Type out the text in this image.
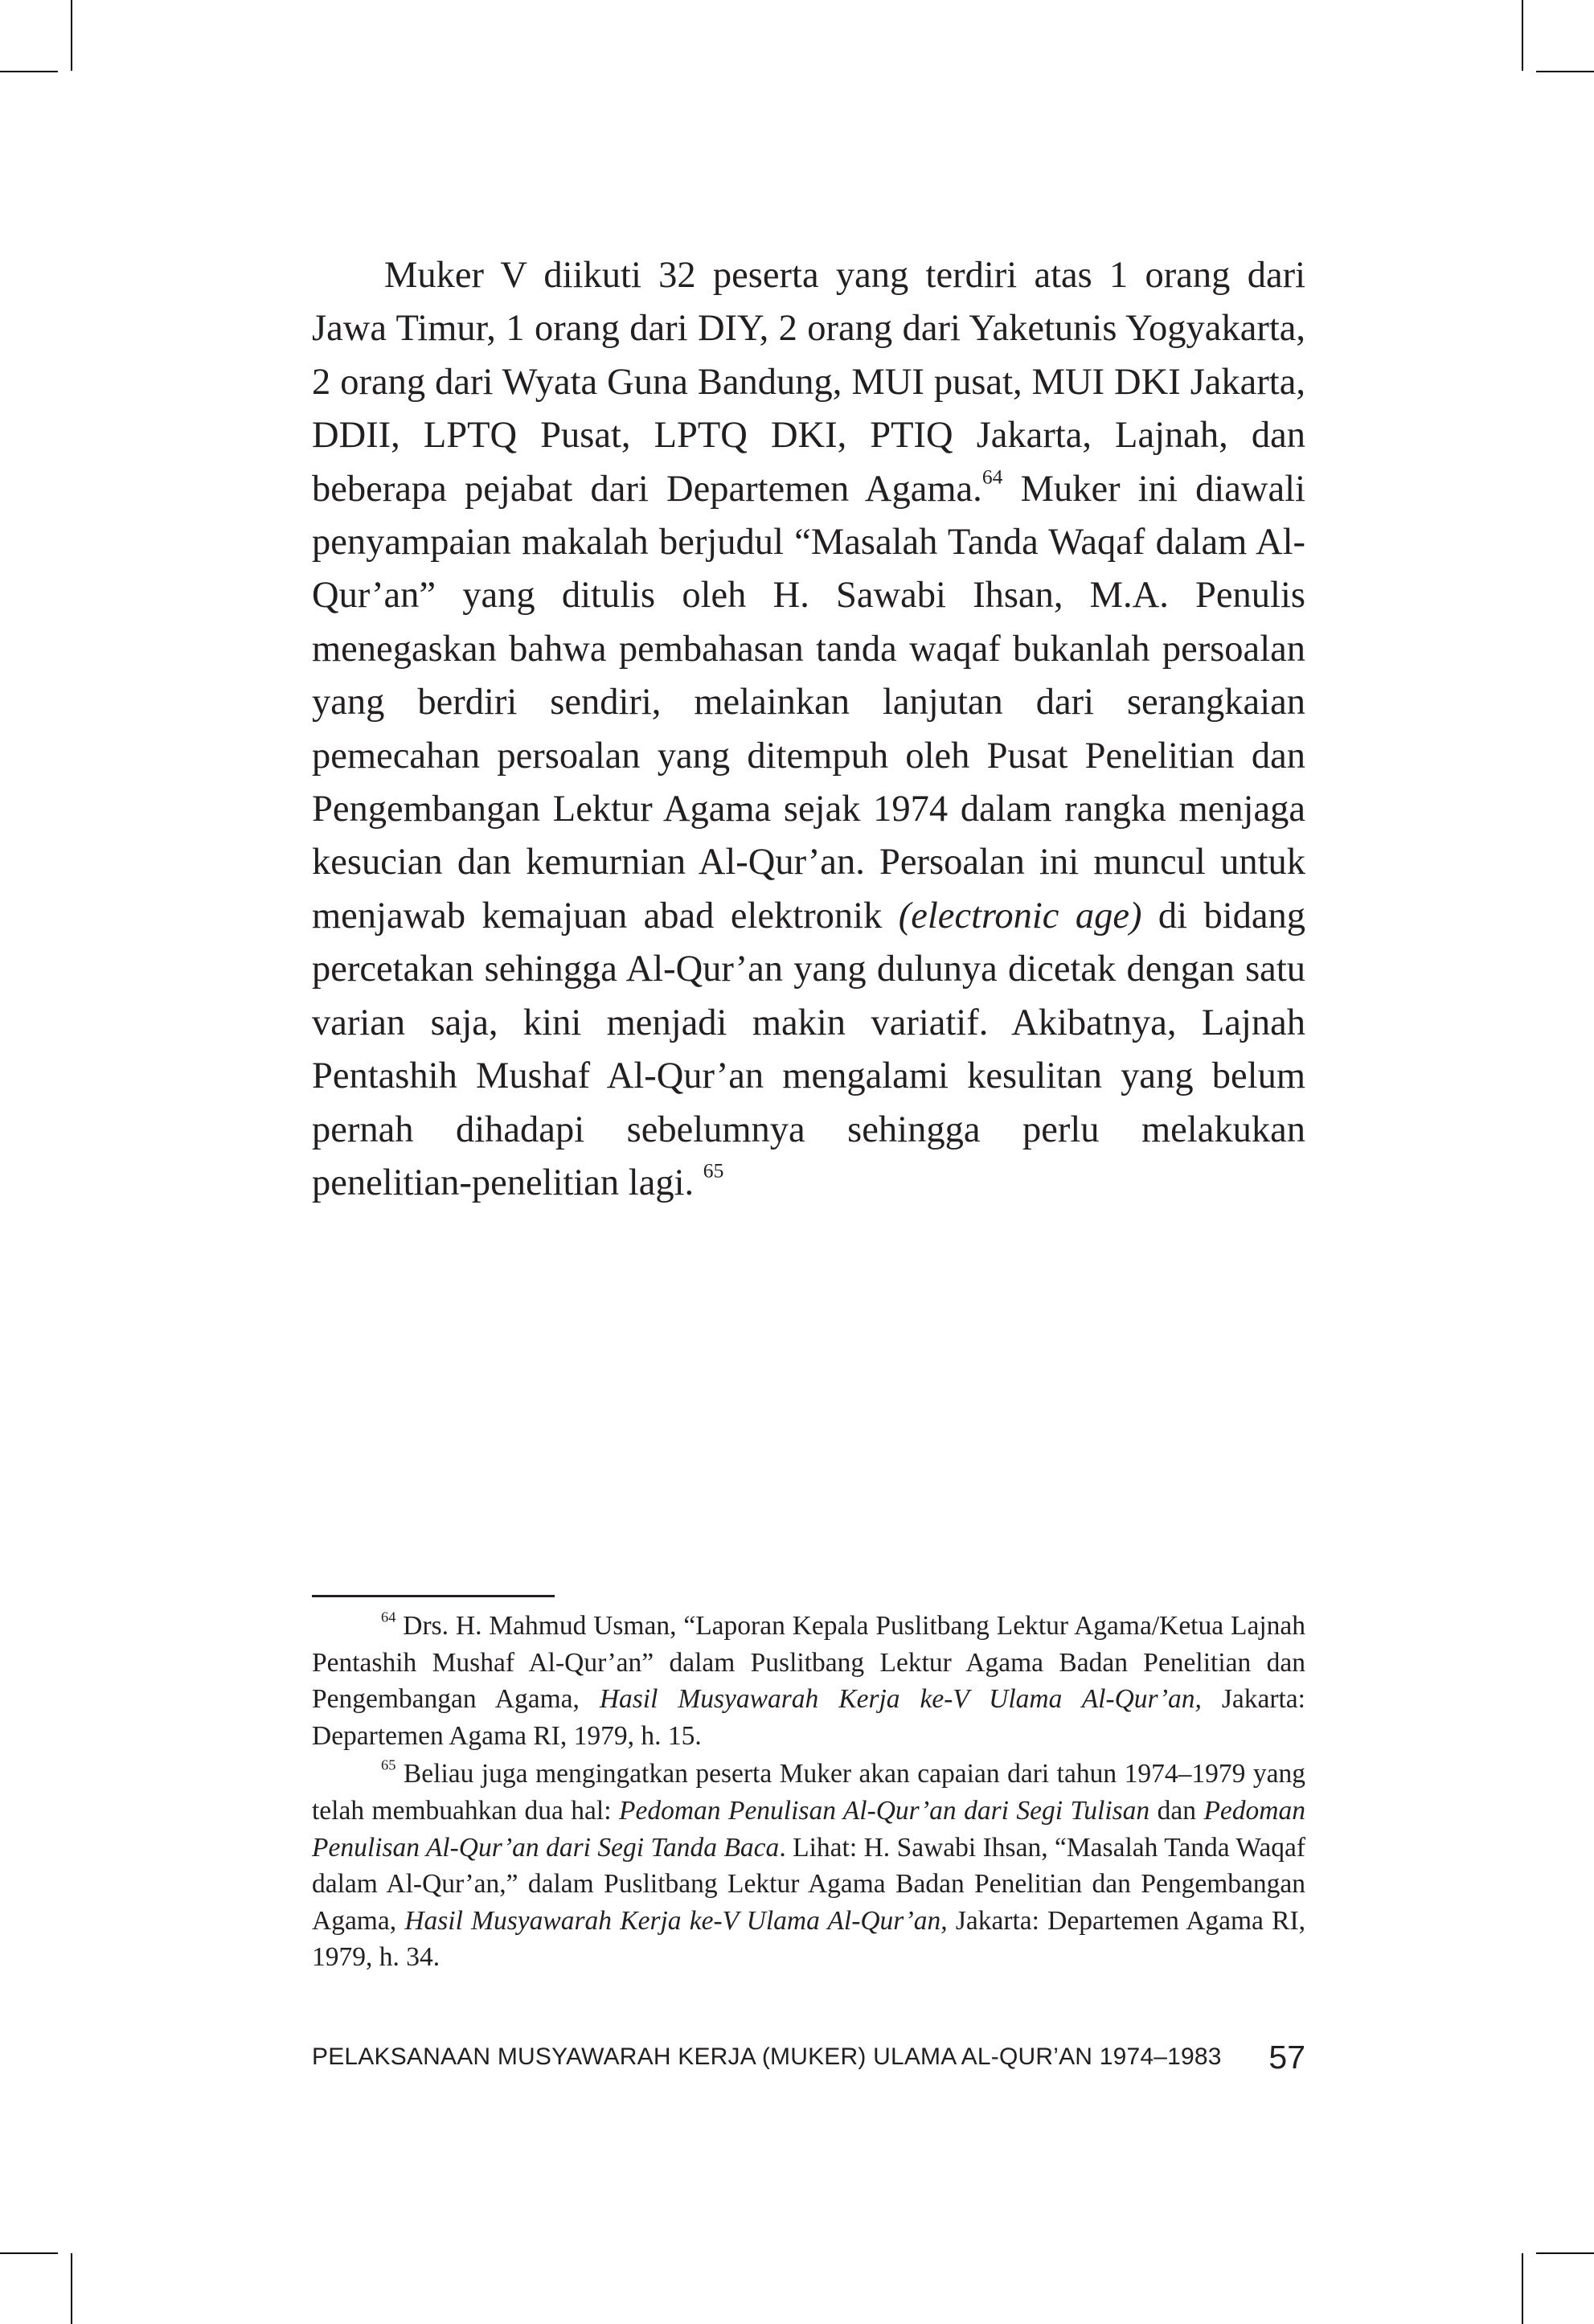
Muker V diikuti 32 peserta yang terdiri atas 1 orang dari Jawa Timur, 1 orang dari DIY, 2 orang dari Yaketunis Yogyakarta, 2 orang dari Wyata Guna Bandung, MUI pusat, MUI DKI Jakarta, DDII, LPTQ Pusat, LPTQ DKI, PTIQ Jakarta, Lajnah, dan beberapa pejabat dari Departemen Agama.$^{64}$ Muker ini diawali penyampaian makalah berjudul “Masalah Tanda Waqaf dalam Al-Qur’an” yang ditulis oleh H. Sawabi Ihsan, M.A. Penulis menegaskan bahwa pembahasan tanda waqaf bukanlah persoalan yang berdiri sendiri, melainkan lanjutan dari serangkaian pemecahan persoalan yang ditempuh oleh Pusat Penelitian dan Pengembangan Lektur Agama sejak 1974 dalam rangka menjaga kesucian dan kemurnian Al-Qur’an. Persoalan ini muncul untuk menjawab kemajuan abad elektronik (electronic age) di bidang percetakan sehingga Al-Qur’an yang dulunya dicetak dengan satu varian saja, kini menjadi makin variatif. Akibatnya, Lajnah Pentashih Mushaf Al-Qur’an mengalami kesulitan yang belum pernah dihadapi sebelumnya sehingga perlu melakukan penelitian-penelitian lagi. $^{65}$

$^{64}$ Drs. H. Mahmud Usman, “Laporan Kepala Puslitbang Lektur Agama/Ketua Lajnah Pentashih Mushaf Al-Qur’an” dalam Puslitbang Lektur Agama Badan Penelitian dan Pengembangan Agama, Hasil Musyawarah Kerja ke-V Ulama Al-Qur’an, Jakarta: Departemen Agama RI, 1979, h. 15.

$^{65}$ Beliau juga mengingatkan peserta Muker akan capaian dari tahun 1974–1979 yang telah membuahkan dua hal: Pedoman Penulisan Al-Qur’an dari Segi Tulisan dan Pedoman Penulisan Al-Qur’an dari Segi Tanda Baca. Lihat: H. Sawabi Ihsan, “Masalah Tanda Waqaf dalam Al-Qur’an,” dalam Puslitbang Lektur Agama Badan Penelitian dan Pengembangan Agama, Hasil Musyawarah Kerja ke-V Ulama Al-Qur’an, Jakarta: Departemen Agama RI, 1979, h. 34.

PELAKSANAAN MUSYAWARAH KERJA (MUKER) ULAMA AL-QUR’AN 1974–1983 57
